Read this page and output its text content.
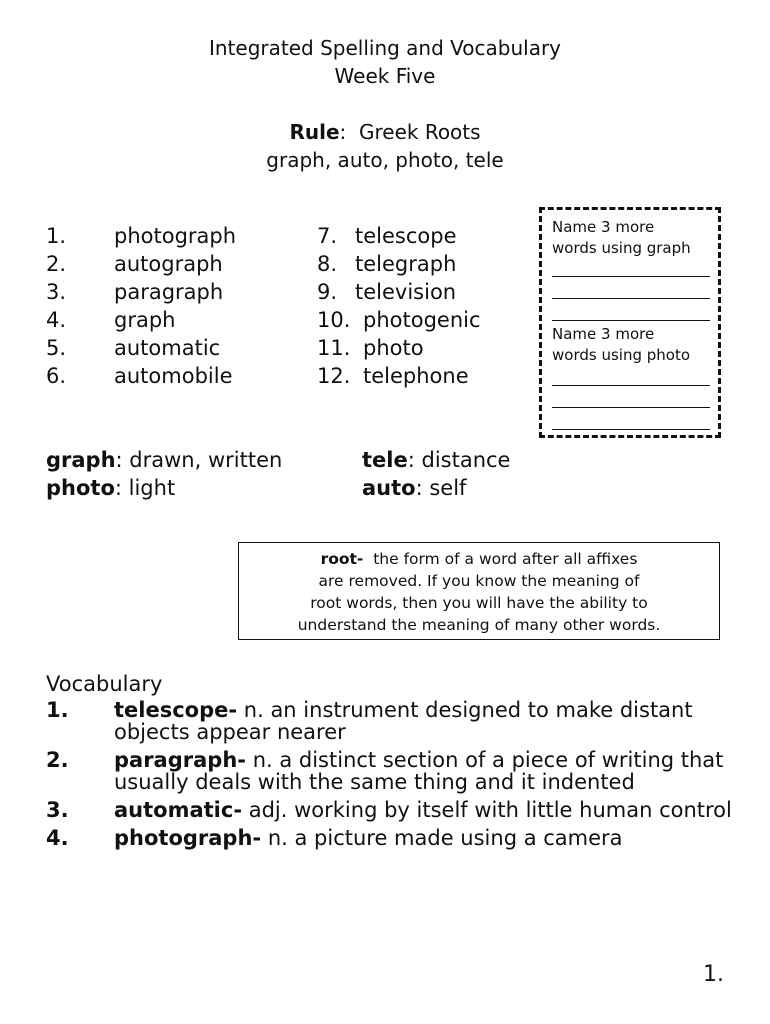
Integrated Spelling and Vocabulary
Week Five
Rule: Greek Roots
graph, auto, photo, tele
1.	photograph
2.	autograph
3.	paragraph
4.	graph
5.	automatic
6.	automobile
7. telescope
8. telegraph
9. television
10. photogenic
11. photo
12. telephone
Name 3 more
words using graph
Name 3 more
words using photo
graph: drawn, written
photo: light
tele: distance
auto: self
root- the form of a word after all affixes
are removed. If you know the meaning of
root words, then you will have the ability to
understand the meaning of many other words.
Vocabulary
1.	telescope- n. an instrument designed to make distant objects appear nearer
2.	paragraph- n. a distinct section of a piece of writing that usually deals with the same thing and it indented
3.	automatic- adj. working by itself with little human control
4.	photograph- n. a picture made using a camera
1.
